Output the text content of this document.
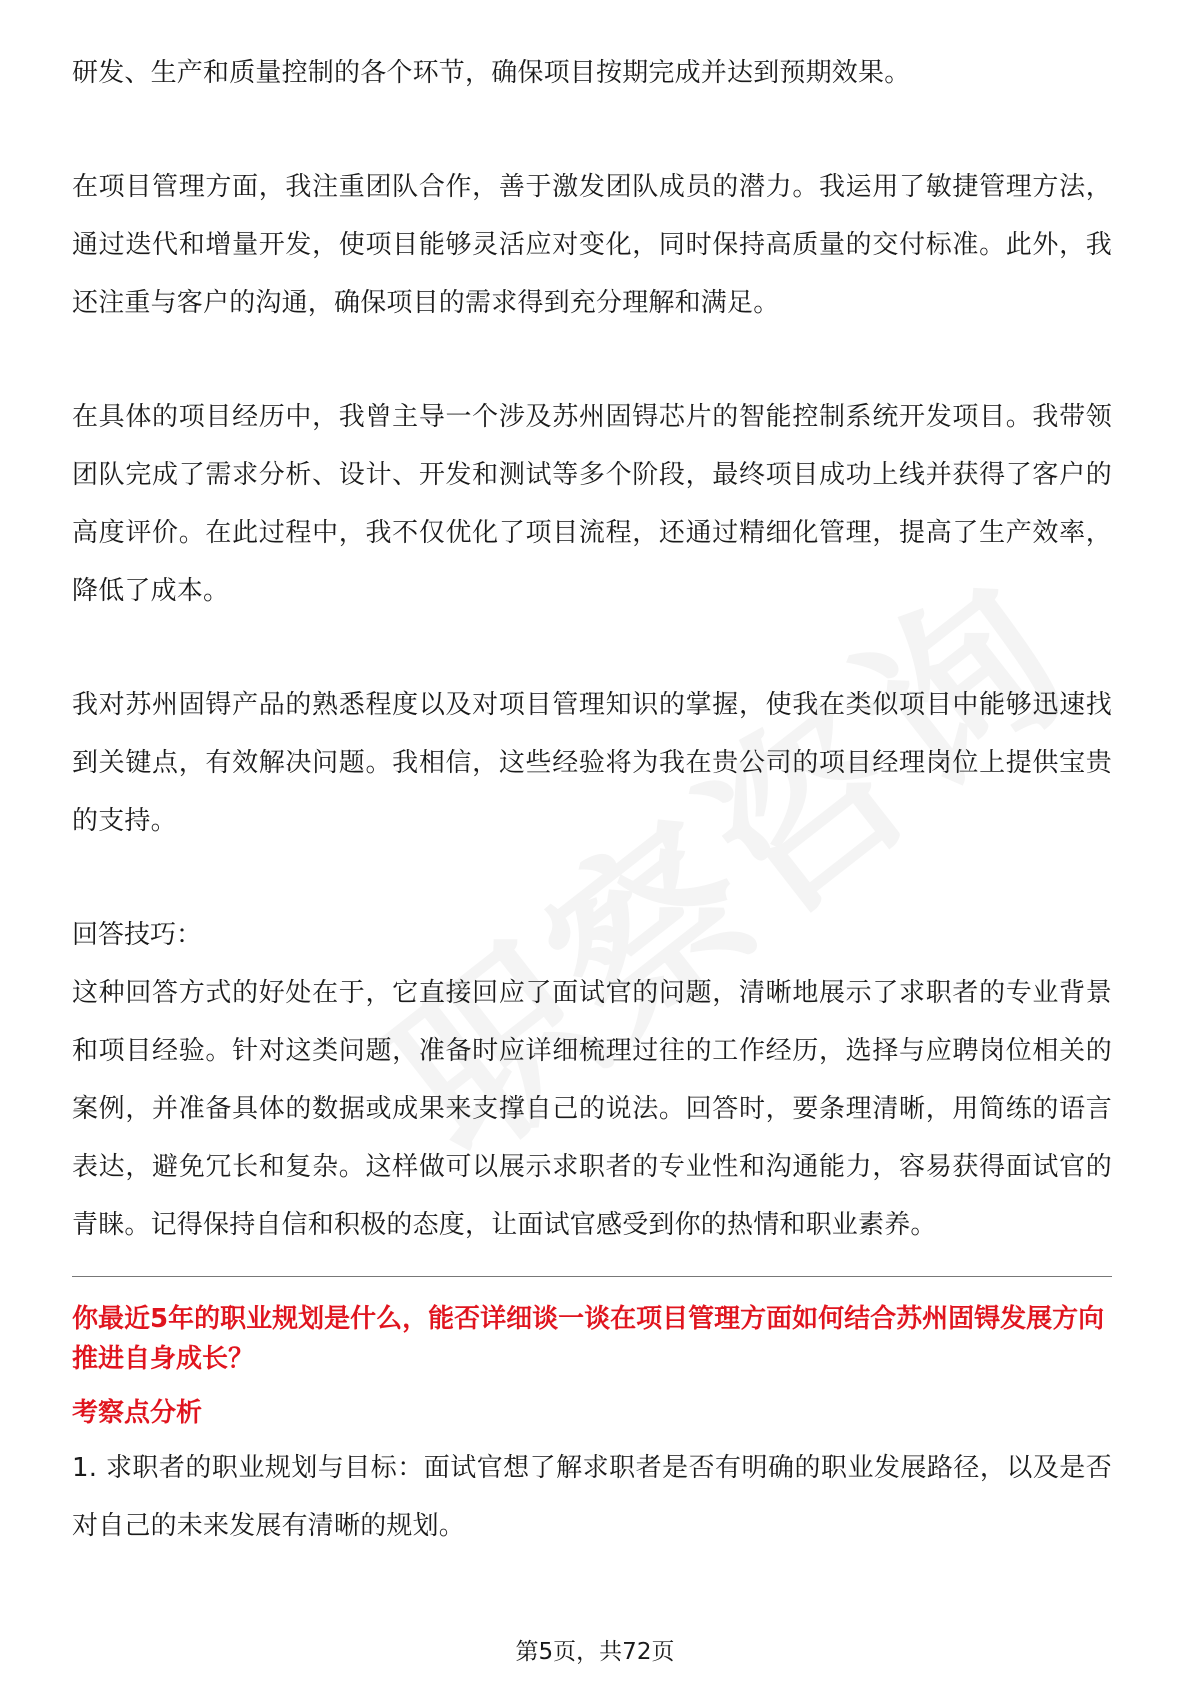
研发、生产和质量控制的各个环节，确保项目按期完成并达到预期效果。

在项目管理方面，我注重团队合作，善于激发团队成员的潜力。我运用了敏捷管理方法，通过迭代和增量开发，使项目能够灵活应对变化，同时保持高质量的交付标准。此外，我还注重与客户的沟通，确保项目的需求得到充分理解和满足。

在具体的项目经历中，我曾主导一个涉及苏州固锝芯片的智能控制系统开发项目。我带领团队完成了需求分析、设计、开发和测试等多个阶段，最终项目成功上线并获得了客户的高度评价。在此过程中，我不仅优化了项目流程，还通过精细化管理，提高了生产效率，降低了成本。

我对苏州固锝产品的熟悉程度以及对项目管理知识的掌握，使我在类似项目中能够迅速找到关键点，有效解决问题。我相信，这些经验将为我在贵公司的项目经理岗位上提供宝贵的支持。

回答技巧：

这种回答方式的好处在于，它直接回应了面试官的问题，清晰地展示了求职者的专业背景和项目经验。针对这类问题，准备时应详细梳理过往的工作经历，选择与应聘岗位相关的案例，并准备具体的数据或成果来支撑自己的说法。回答时，要条理清晰，用简练的语言表达，避免冗长和复杂。这样做可以展示求职者的专业性和沟通能力，容易获得面试官的青睐。记得保持自信和积极的态度，让面试官感受到你的热情和职业素养。

你最近5年的职业规划是什么，能否详细谈一谈在项目管理方面如何结合苏州固锝发展方向推进自身成长？

考察点分析

1. 求职者的职业规划与目标：面试官想了解求职者是否有明确的职业发展路径，以及是否对自己的未来发展有清晰的规划。

第5页，共72页
